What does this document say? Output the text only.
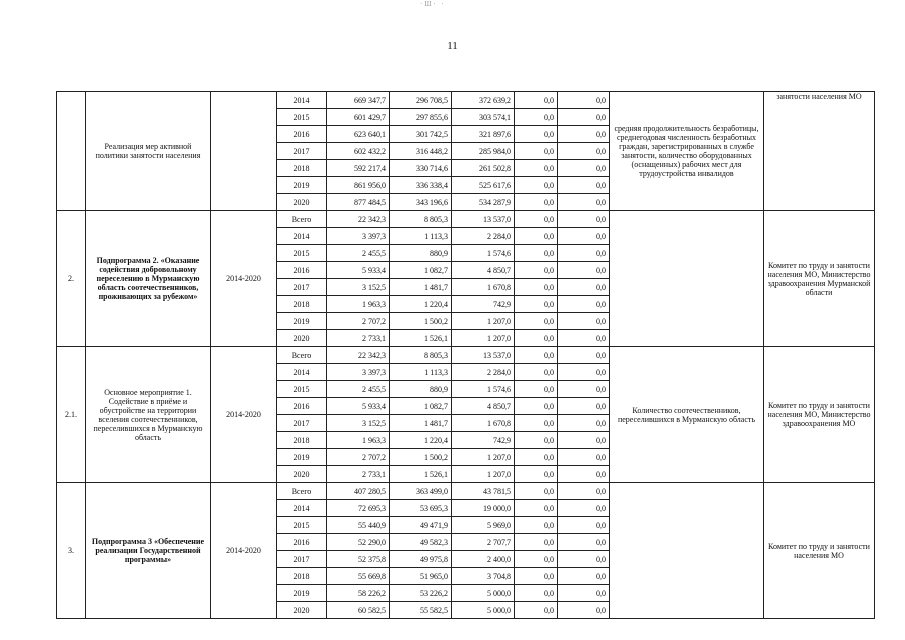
·Ш· ·
11
	Реализация мер активной политики занятости населения		2014	669 347,7	296 708,5	372 639,2	0,0	0,0	средняя продолжительность безработицы, среднегодовая численность безработных граждан, зарегистрированных в службе занятости, количество оборудованных (оснащенных) рабочих мест для трудоустройства инвалидов	занятости населения МО
			2015	601 429,7	297 855,6	303 574,1	0,0	0,0		
			2016	623 640,1	301 742,5	321 897,6	0,0	0,0		
			2017	602 432,2	316 448,2	285 984,0	0,0	0,0		
			2018	592 217,4	330 714,6	261 502,8	0,0	0,0		
			2019	861 956,0	336 338,4	525 617,6	0,0	0,0		
			2020	877 484,5	343 196,6	534 287,9	0,0	0,0		
2.	Подпрограмма 2. «Оказание содействия добровольному переселению в Мурманскую область соотечественников, проживающих за рубежом»	2014-2020	Всего	22 342,3	8 805,3	13 537,0	0,0	0,0		Комитет по труду и занятости населения МО, Министерство здравоохранения Мурманской области
			2014	3 397,3	1 113,3	2 284,0	0,0	0,0		
			2015	2 455,5	880,9	1 574,6	0,0	0,0		
			2016	5 933,4	1 082,7	4 850,7	0,0	0,0		
			2017	3 152,5	1 481,7	1 670,8	0,0	0,0		
			2018	1 963,3	1 220,4	742,9	0,0	0,0		
			2019	2 707,2	1 500,2	1 207,0	0,0	0,0		
			2020	2 733,1	1 526,1	1 207,0	0,0	0,0		
2.1.	Основное мероприятие 1. Содействие в приёме и обустройстве на территории вселения соотечественников, переселившихся в Мурманскую область	2014-2020	Всего	22 342,3	8 805,3	13 537,0	0,0	0,0	Количество соотечественников, переселившихся в Мурманскую область	Комитет по труду и занятости населения МО, Министерство здравоохранения МО
			2014	3 397,3	1 113,3	2 284,0	0,0	0,0		
			2015	2 455,5	880,9	1 574,6	0,0	0,0		
			2016	5 933,4	1 082,7	4 850,7	0,0	0,0		
			2017	3 152,5	1 481,7	1 670,8	0,0	0,0		
			2018	1 963,3	1 220,4	742,9	0,0	0,0		
			2019	2 707,2	1 500,2	1 207,0	0,0	0,0		
			2020	2 733,1	1 526,1	1 207,0	0,0	0,0		
3.	Подпрограмма 3 «Обеспечение реализации Государственной программы»	2014-2020	Всего	407 280,5	363 499,0	43 781,5	0,0	0,0		Комитет по труду и занятости населения МО
			2014	72 695,3	53 695,3	19 000,0	0,0	0,0		
			2015	55 440,9	49 471,9	5 969,0	0,0	0,0		
			2016	52 290,0	49 582,3	2 707,7	0,0	0,0		
			2017	52 375,8	49 975,8	2 400,0	0,0	0,0		
			2018	55 669,8	51 965,0	3 704,8	0,0	0,0		
			2019	58 226,2	53 226,2	5 000,0	0,0	0,0		
			2020	60 582,5	55 582,5	5 000,0	0,0	0,0		
